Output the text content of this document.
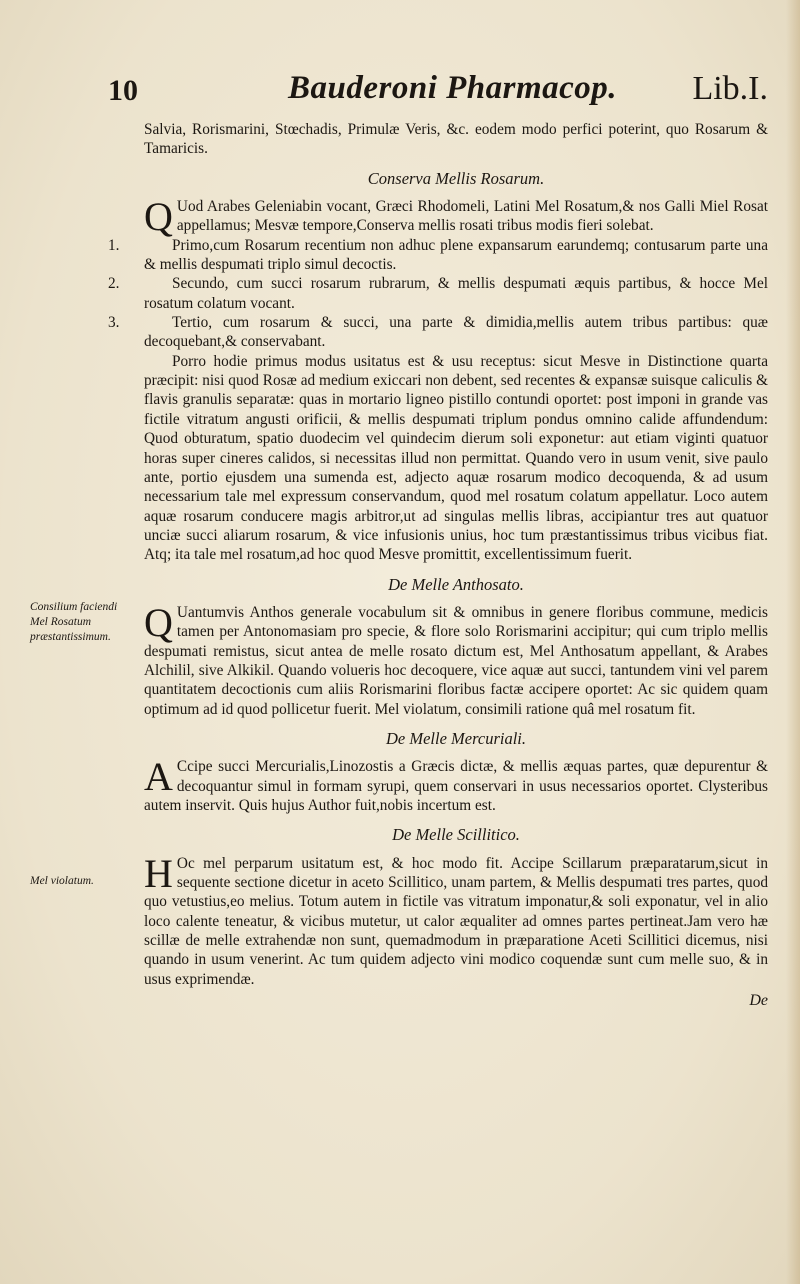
10	Bauderoni Pharmacop. Lib.I.
Consilium faciendi Mel Rosatum præstantissimum.
Mel violatum.

Salvia, Rorismarini, Stœchadis, Primulæ Veris, &c. eodem modo perfici poterint, quo Rosarum & Tamaricis.

Conserva Mellis Rosarum.

QUod Arabes Geleniabin vocant, Græci Rhodomeli, Latini Mel Rosatum,& nos Galli Miel Rosat appellamus; Mesvæ tempore,Conserva mellis rosati tribus modis fieri solebat.

1.	Primo,cum Rosarum recentium non adhuc plene expansarum earundemq; contusarum parte una & mellis despumati triplo simul decoctis.

2.	Secundo, cum succi rosarum rubrarum, & mellis despumati æquis partibus, & hocce Mel rosatum colatum vocant.

3.	Tertio, cum rosarum & succi, una parte & dimidia,mellis autem tribus partibus: quæ decoquebant,& conservabant.

Porro hodie primus modus usitatus est & usu receptus: sicut Mesve in Distinctione quarta præcipit: nisi quod Rosæ ad medium exiccari non debent, sed recentes & expansæ suisque caliculis & flavis granulis separatæ: quas in mortario ligneo pistillo contundi oportet: post imponi in grande vas fictile vitratum angusti orificii, & mellis despumati triplum pondus omnino calide affundendum: Quod obturatum, spatio duodecim vel quindecim dierum soli exponetur: aut etiam viginti quatuor horas super cineres calidos, si necessitas illud non permittat. Quando vero in usum venit, sive paulo ante, portio ejusdem una sumenda est, adjecto aquæ rosarum modico decoquenda, & ad usum necessarium tale mel expressum conservandum, quod mel rosatum colatum appellatur. Loco autem aquæ rosarum conducere magis arbitror,ut ad singulas mellis libras, accipiantur tres aut quatuor unciæ succi aliarum rosarum, & vice infusionis unius, hoc tum præstantissimus tribus vicibus fiat. Atq; ita tale mel rosatum,ad hoc quod Mesve promittit, excellentissimum fuerit.

De Melle Anthosato.

QUantumvis Anthos generale vocabulum sit & omnibus in genere floribus commune, medicis tamen per Antonomasiam pro specie, & flore solo Rorismarini accipitur; qui cum triplo mellis despumati remistus, sicut antea de melle rosato dictum est, Mel Anthosatum appellant, & Arabes Alchilil, sive Alkikil. Quando volueris hoc decoquere, vice aquæ aut succi, tantundem vini vel parem quantitatem decoctionis cum aliis Rorismarini floribus factæ accipere oportet: Ac sic quidem quam optimum ad id quod pollicetur fuerit. Mel violatum, consimili ratione quâ mel rosatum fit.

De Melle Mercuriali.

ACcipe succi Mercurialis,Linozostis a Græcis dictæ, & mellis æquas partes, quæ depurentur & decoquantur simul in formam syrupi, quem conservari in usus necessarios oportet. Clysteribus autem inservit. Quis hujus Author fuit,nobis incertum est.

De Melle Scillitico.

HOc mel perparum usitatum est, & hoc modo fit. Accipe Scillarum præparatarum,sicut in sequente sectione dicetur in aceto Scillitico, unam partem, & Mellis despumati tres partes, quod quo vetustius,eo melius. Totum autem in fictile vas vitratum imponatur,& soli exponatur, vel in alio loco calente teneatur, & vicibus mutetur, ut calor æqualiter ad omnes partes pertineat.Jam vero hæ scillæ de melle extrahendæ non sunt, quemadmodum in præparatione Aceti Scillitici dicemus, nisi quando in usum venerint. Ac tum quidem adjecto vini modico coquendæ sunt cum melle suo, & in usus exprimendæ.

De
